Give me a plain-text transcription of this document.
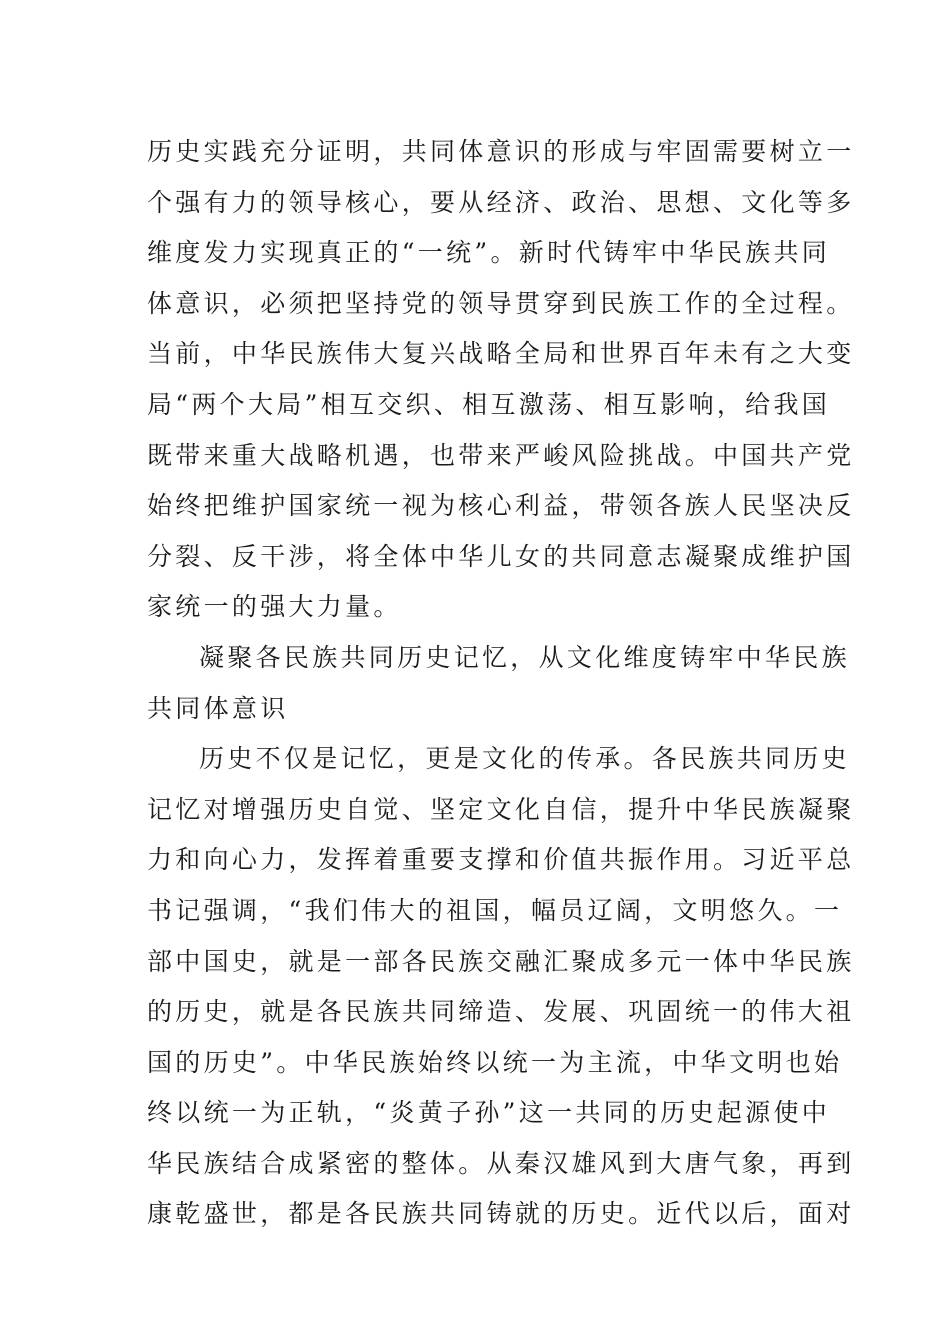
历史实践充分证明，共同体意识的形成与牢固需要树立一
个强有力的领导核心，要从经济、政治、思想、文化等多
维度发力实现真正的“一统”。新时代铸牢中华民族共同
体意识，必须把坚持党的领导贯穿到民族工作的全过程。
当前，中华民族伟大复兴战略全局和世界百年未有之大变
局“两个大局”相互交织、相互激荡、相互影响，给我国
既带来重大战略机遇，也带来严峻风险挑战。中国共产党
始终把维护国家统一视为核心利益，带领各族人民坚决反
分裂、反干涉，将全体中华儿女的共同意志凝聚成维护国
家统一的强大力量。
凝聚各民族共同历史记忆，从文化维度铸牢中华民族
共同体意识
历史不仅是记忆，更是文化的传承。各民族共同历史
记忆对增强历史自觉、坚定文化自信，提升中华民族凝聚
力和向心力，发挥着重要支撑和价值共振作用。习近平总
书记强调，“我们伟大的祖国，幅员辽阔，文明悠久。一
部中国史，就是一部各民族交融汇聚成多元一体中华民族
的历史，就是各民族共同缔造、发展、巩固统一的伟大祖
国的历史”。中华民族始终以统一为主流，中华文明也始
终以统一为正轨，“炎黄子孙”这一共同的历史起源使中
华民族结合成紧密的整体。从秦汉雄风到大唐气象，再到
康乾盛世，都是各民族共同铸就的历史。近代以后，面对
